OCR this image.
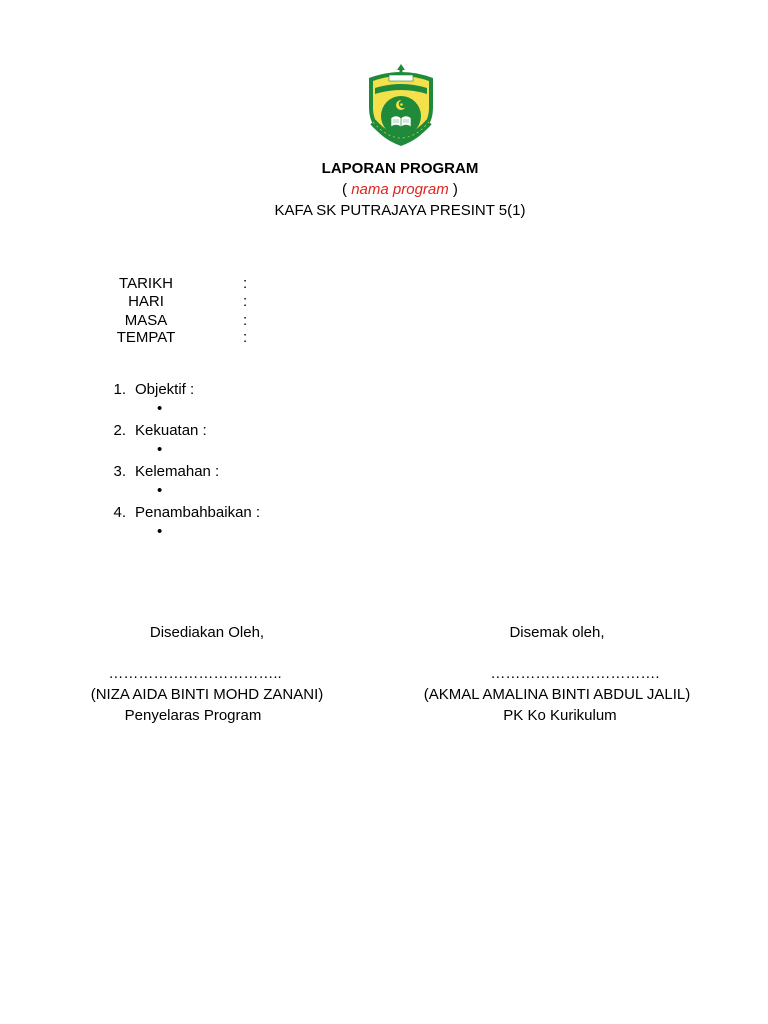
LAPORAN PROGRAM
( nama program )
KAFA SK PUTRAJAYA PRESINT 5(1)
TARIKH	:
HARI	:
MASA	:
TEMPAT	:
1. Objektif :
•
2. Kekuatan :
•
3. Kelemahan :
•
4. Penambahbaikan :
•
Disediakan Oleh,
……………………………..
(NIZA AIDA BINTI MOHD ZANANI)
Penyelaras Program
Disemak oleh,
…………………………….
(AKMAL AMALINA BINTI ABDUL JALIL)
PK Ko Kurikulum
